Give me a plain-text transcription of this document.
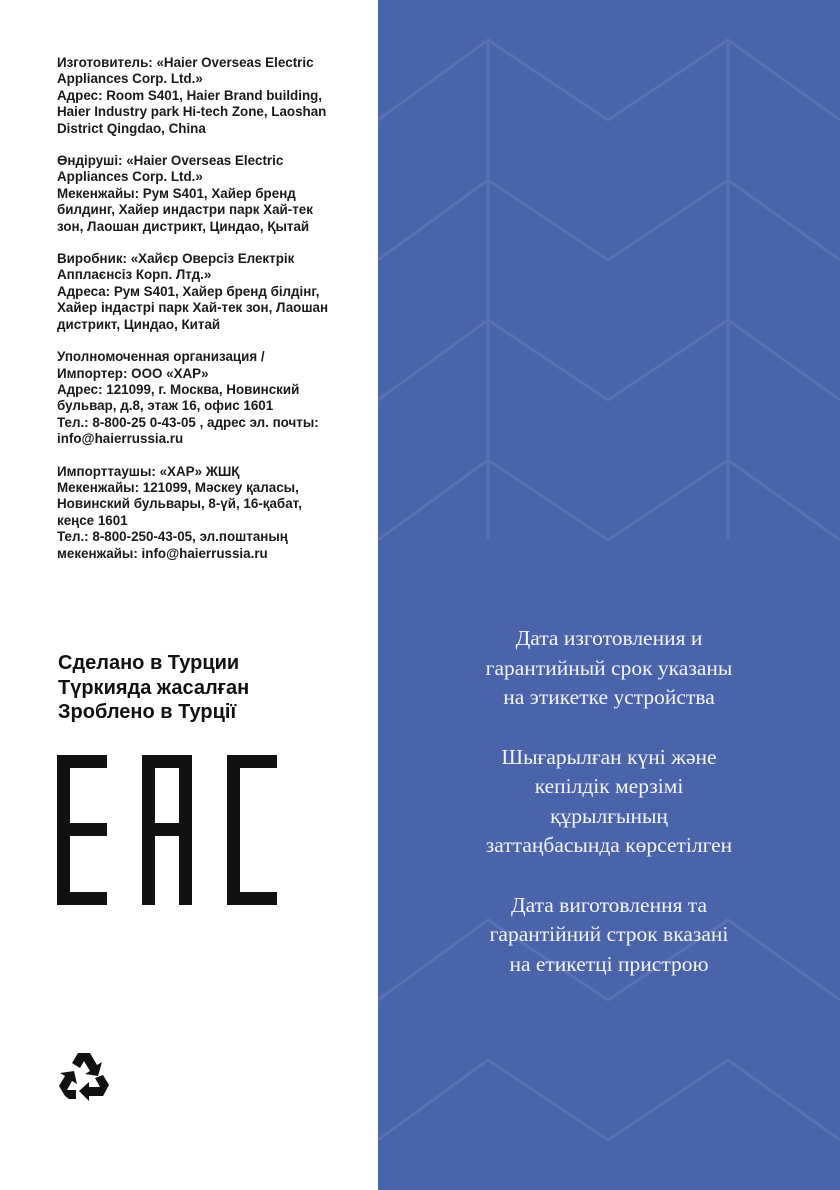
Изготовитель: «Haier Overseas Electric
Appliances Corp. Ltd.»
Адрес: Room S401, Haier Brand building,
Haier Industry park Hi-tech Zone, Laoshan
District Qingdao, China
Өндіруші: «Haier Overseas Electric
Appliances Corp. Ltd.»
Мекенжайы: Рум S401, Хайер бренд
билдинг, Хайер индастри парк Хай-тек
зон, Лаошан дистрикт, Циндао, Қытай
Виробник: «Хайєр Оверсіз Електрік
Апплаєнсіз Корп. Лтд.»
Адреса: Рум S401, Хайер бренд білдінг,
Хайер індастрі парк Хай-тек зон, Лаошан
дистрикт, Циндао, Китай
Уполномоченная организация /
Импортер: ООО «ХАР»
Адрес: 121099, г. Москва, Новинский
бульвар, д.8, этаж 16, офис 1601
Тел.: 8-800-25 0-43-05 , адрес эл. почты:
info@haierrussia.ru
Импорттаушы: «ХАР» ЖШҚ
Мекенжайы: 121099, Мәскеу қаласы,
Новинский бульвары, 8-үй, 16-қабат,
кеңсе 1601
Тел.: 8-800-250-43-05, эл.поштаның
мекенжайы: info@haierrussia.ru
Сделано в Турции
Түркияда жасалған
Зроблено в Турції
Дата изготовления и
гарантийный срок указаны
на этикетке устройства
Шығарылған күні және
кепілдік мерзімі
құрылғының
заттаңбасында көрсетілген
Дата виготовлення та
гарантійний строк вказані
на етикетці пристрою
